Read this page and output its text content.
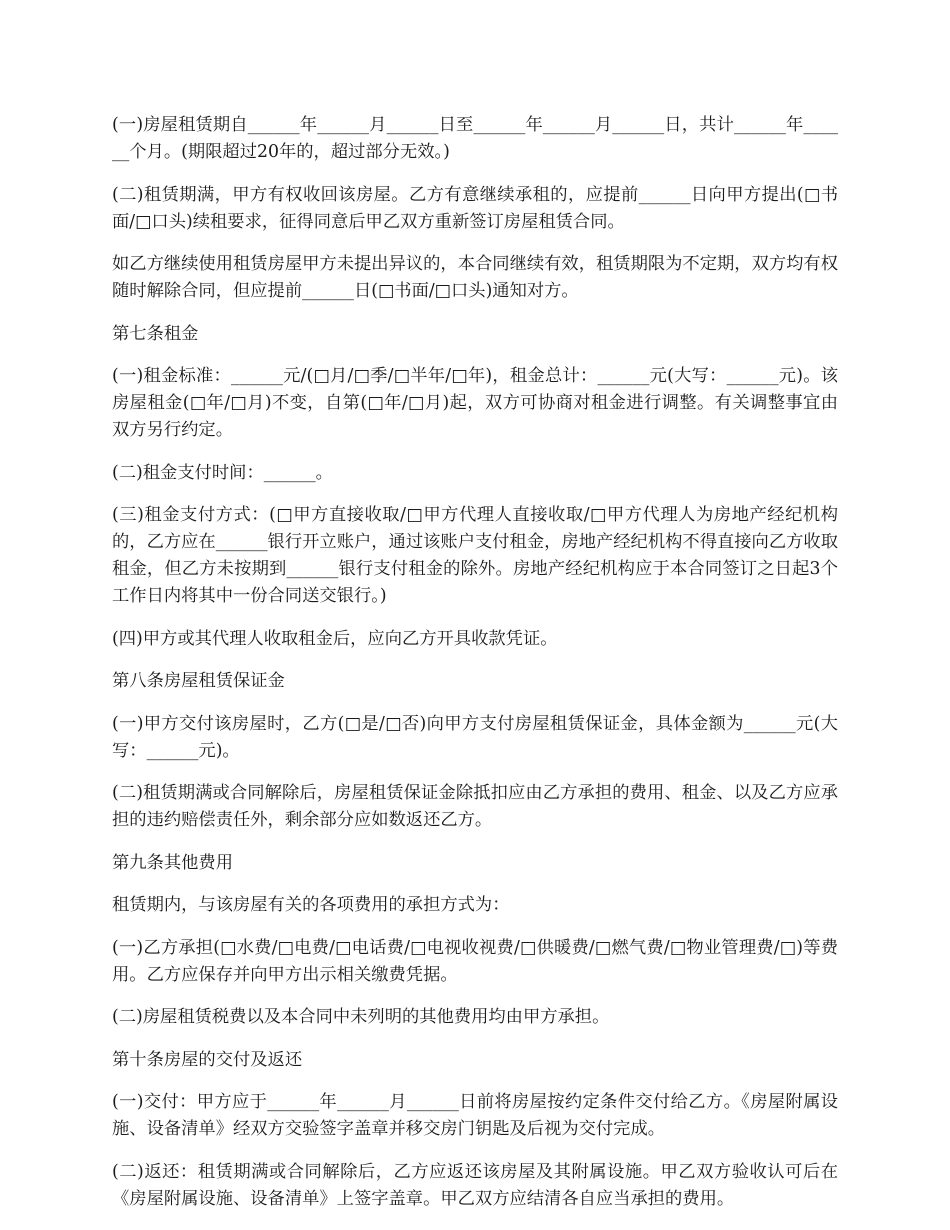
(一)房屋租赁期自______年______月______日至______年______月______日，共计______年______个月。(期限超过20年的，超过部分无效。)

(二)租赁期满，甲方有权收回该房屋。乙方有意继续承租的，应提前______日向甲方提出(□书面/□口头)续租要求，征得同意后甲乙双方重新签订房屋租赁合同。

如乙方继续使用租赁房屋甲方未提出异议的，本合同继续有效，租赁期限为不定期，双方均有权随时解除合同，但应提前______日(□书面/□口头)通知对方。

第七条租金

(一)租金标准：______元/(□月/□季/□半年/□年)，租金总计：______元(大写：______元)。该房屋租金(□年/□月)不变，自第(□年/□月)起，双方可协商对租金进行调整。有关调整事宜由双方另行约定。

(二)租金支付时间：______。

(三)租金支付方式：(□甲方直接收取/□甲方代理人直接收取/□甲方代理人为房地产经纪机构的，乙方应在______银行开立账户，通过该账户支付租金，房地产经纪机构不得直接向乙方收取租金，但乙方未按期到______银行支付租金的除外。房地产经纪机构应于本合同签订之日起3个工作日内将其中一份合同送交银行。)

(四)甲方或其代理人收取租金后，应向乙方开具收款凭证。

第八条房屋租赁保证金

(一)甲方交付该房屋时，乙方(□是/□否)向甲方支付房屋租赁保证金，具体金额为______元(大写：______元)。

(二)租赁期满或合同解除后，房屋租赁保证金除抵扣应由乙方承担的费用、租金、以及乙方应承担的违约赔偿责任外，剩余部分应如数返还乙方。

第九条其他费用

租赁期内，与该房屋有关的各项费用的承担方式为：

(一)乙方承担(□水费/□电费/□电话费/□电视收视费/□供暖费/□燃气费/□物业管理费/□)等费用。乙方应保存并向甲方出示相关缴费凭据。

(二)房屋租赁税费以及本合同中未列明的其他费用均由甲方承担。

第十条房屋的交付及返还

(一)交付：甲方应于______年______月______日前将房屋按约定条件交付给乙方。《房屋附属设施、设备清单》经双方交验签字盖章并移交房门钥匙及后视为交付完成。

(二)返还：租赁期满或合同解除后，乙方应返还该房屋及其附属设施。甲乙双方验收认可后在《房屋附属设施、设备清单》上签字盖章。甲乙双方应结清各自应当承担的费用。
